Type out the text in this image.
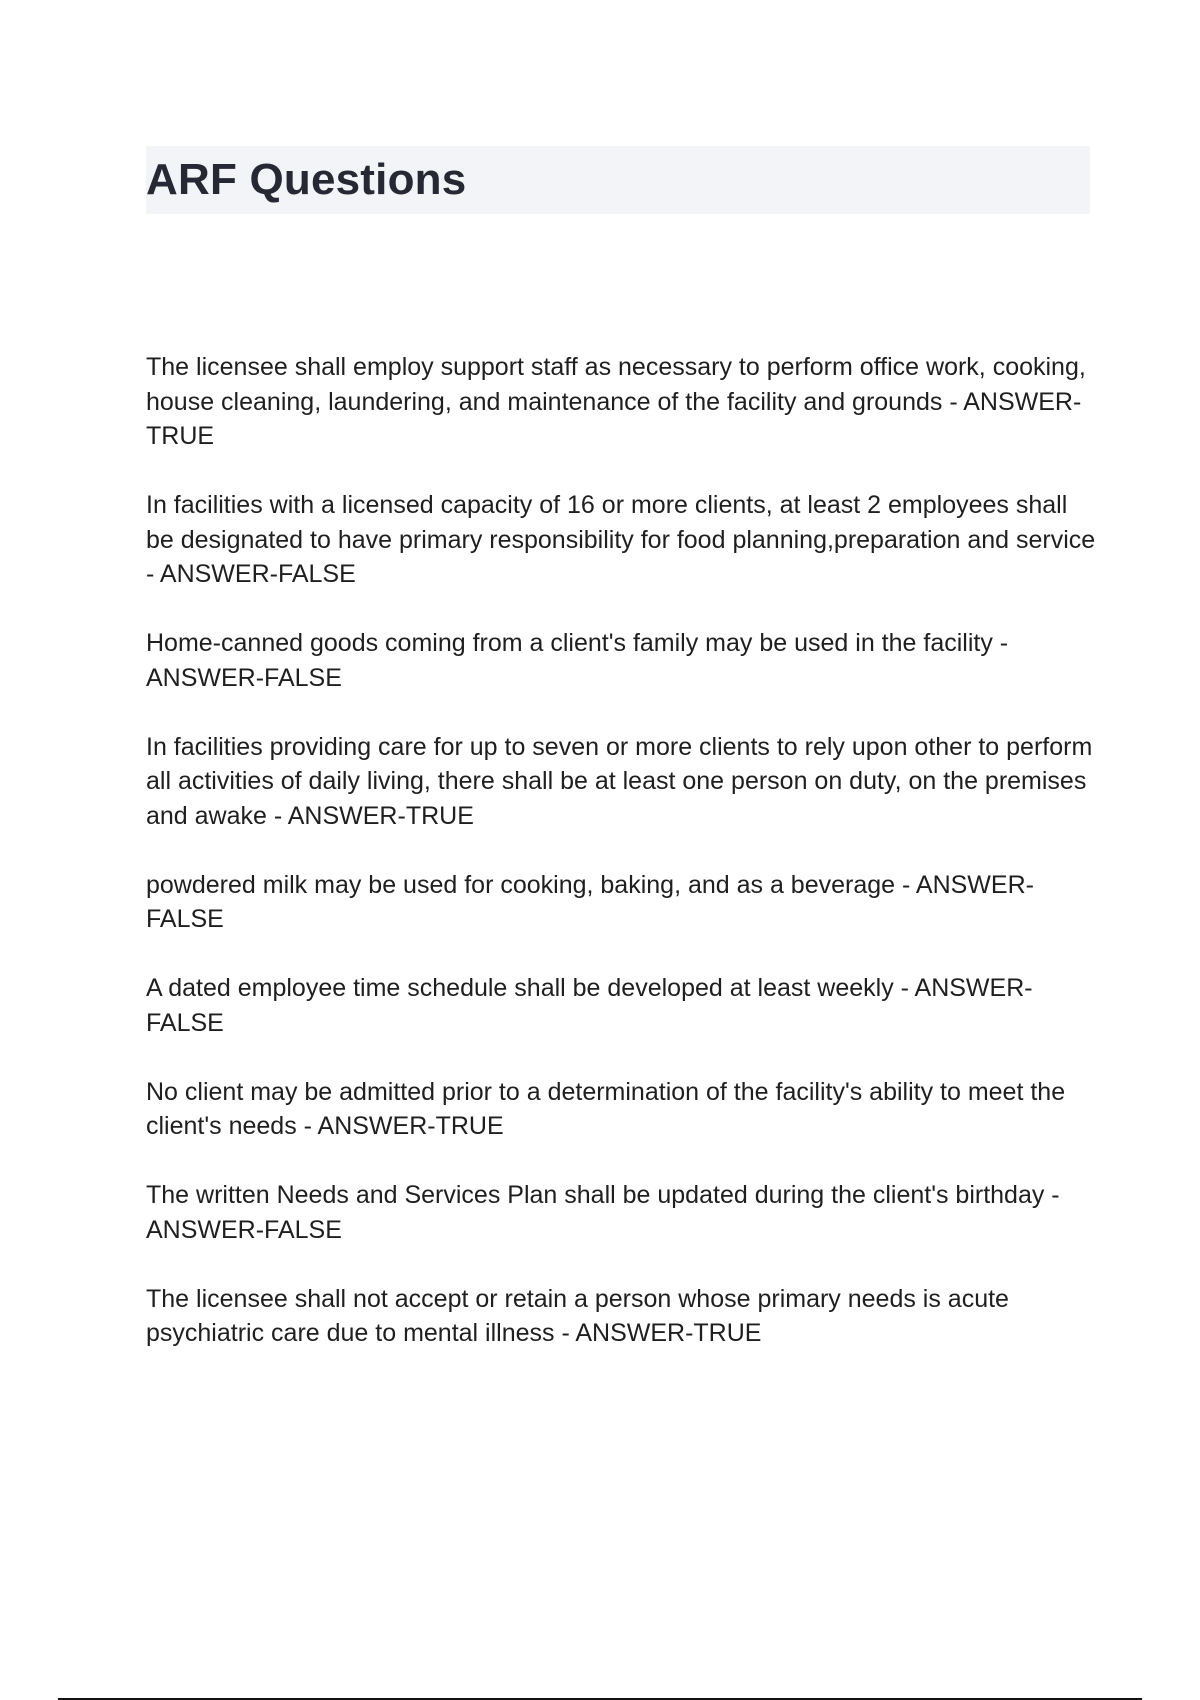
ARF Questions

The licensee shall employ support staff as necessary to perform office work, cooking, house cleaning, laundering, and maintenance of the facility and grounds - ANSWER-TRUE

In facilities with a licensed capacity of 16 or more clients, at least 2 employees shall be designated to have primary responsibility for food planning,preparation and service - ANSWER-FALSE

Home-canned goods coming from a client's family may be used in the facility - ANSWER-FALSE

In facilities providing care for up to seven or more clients to rely upon other to perform all activities of daily living, there shall be at least one person on duty, on the premises and awake - ANSWER-TRUE

powdered milk may be used for cooking, baking, and as a beverage - ANSWER-FALSE

A dated employee time schedule shall be developed at least weekly - ANSWER-FALSE

No client may be admitted prior to a determination of the facility's ability to meet the client's needs - ANSWER-TRUE

The written Needs and Services Plan shall be updated during the client's birthday - ANSWER-FALSE

The licensee shall not accept or retain a person whose primary needs is acute psychiatric care due to mental illness - ANSWER-TRUE
